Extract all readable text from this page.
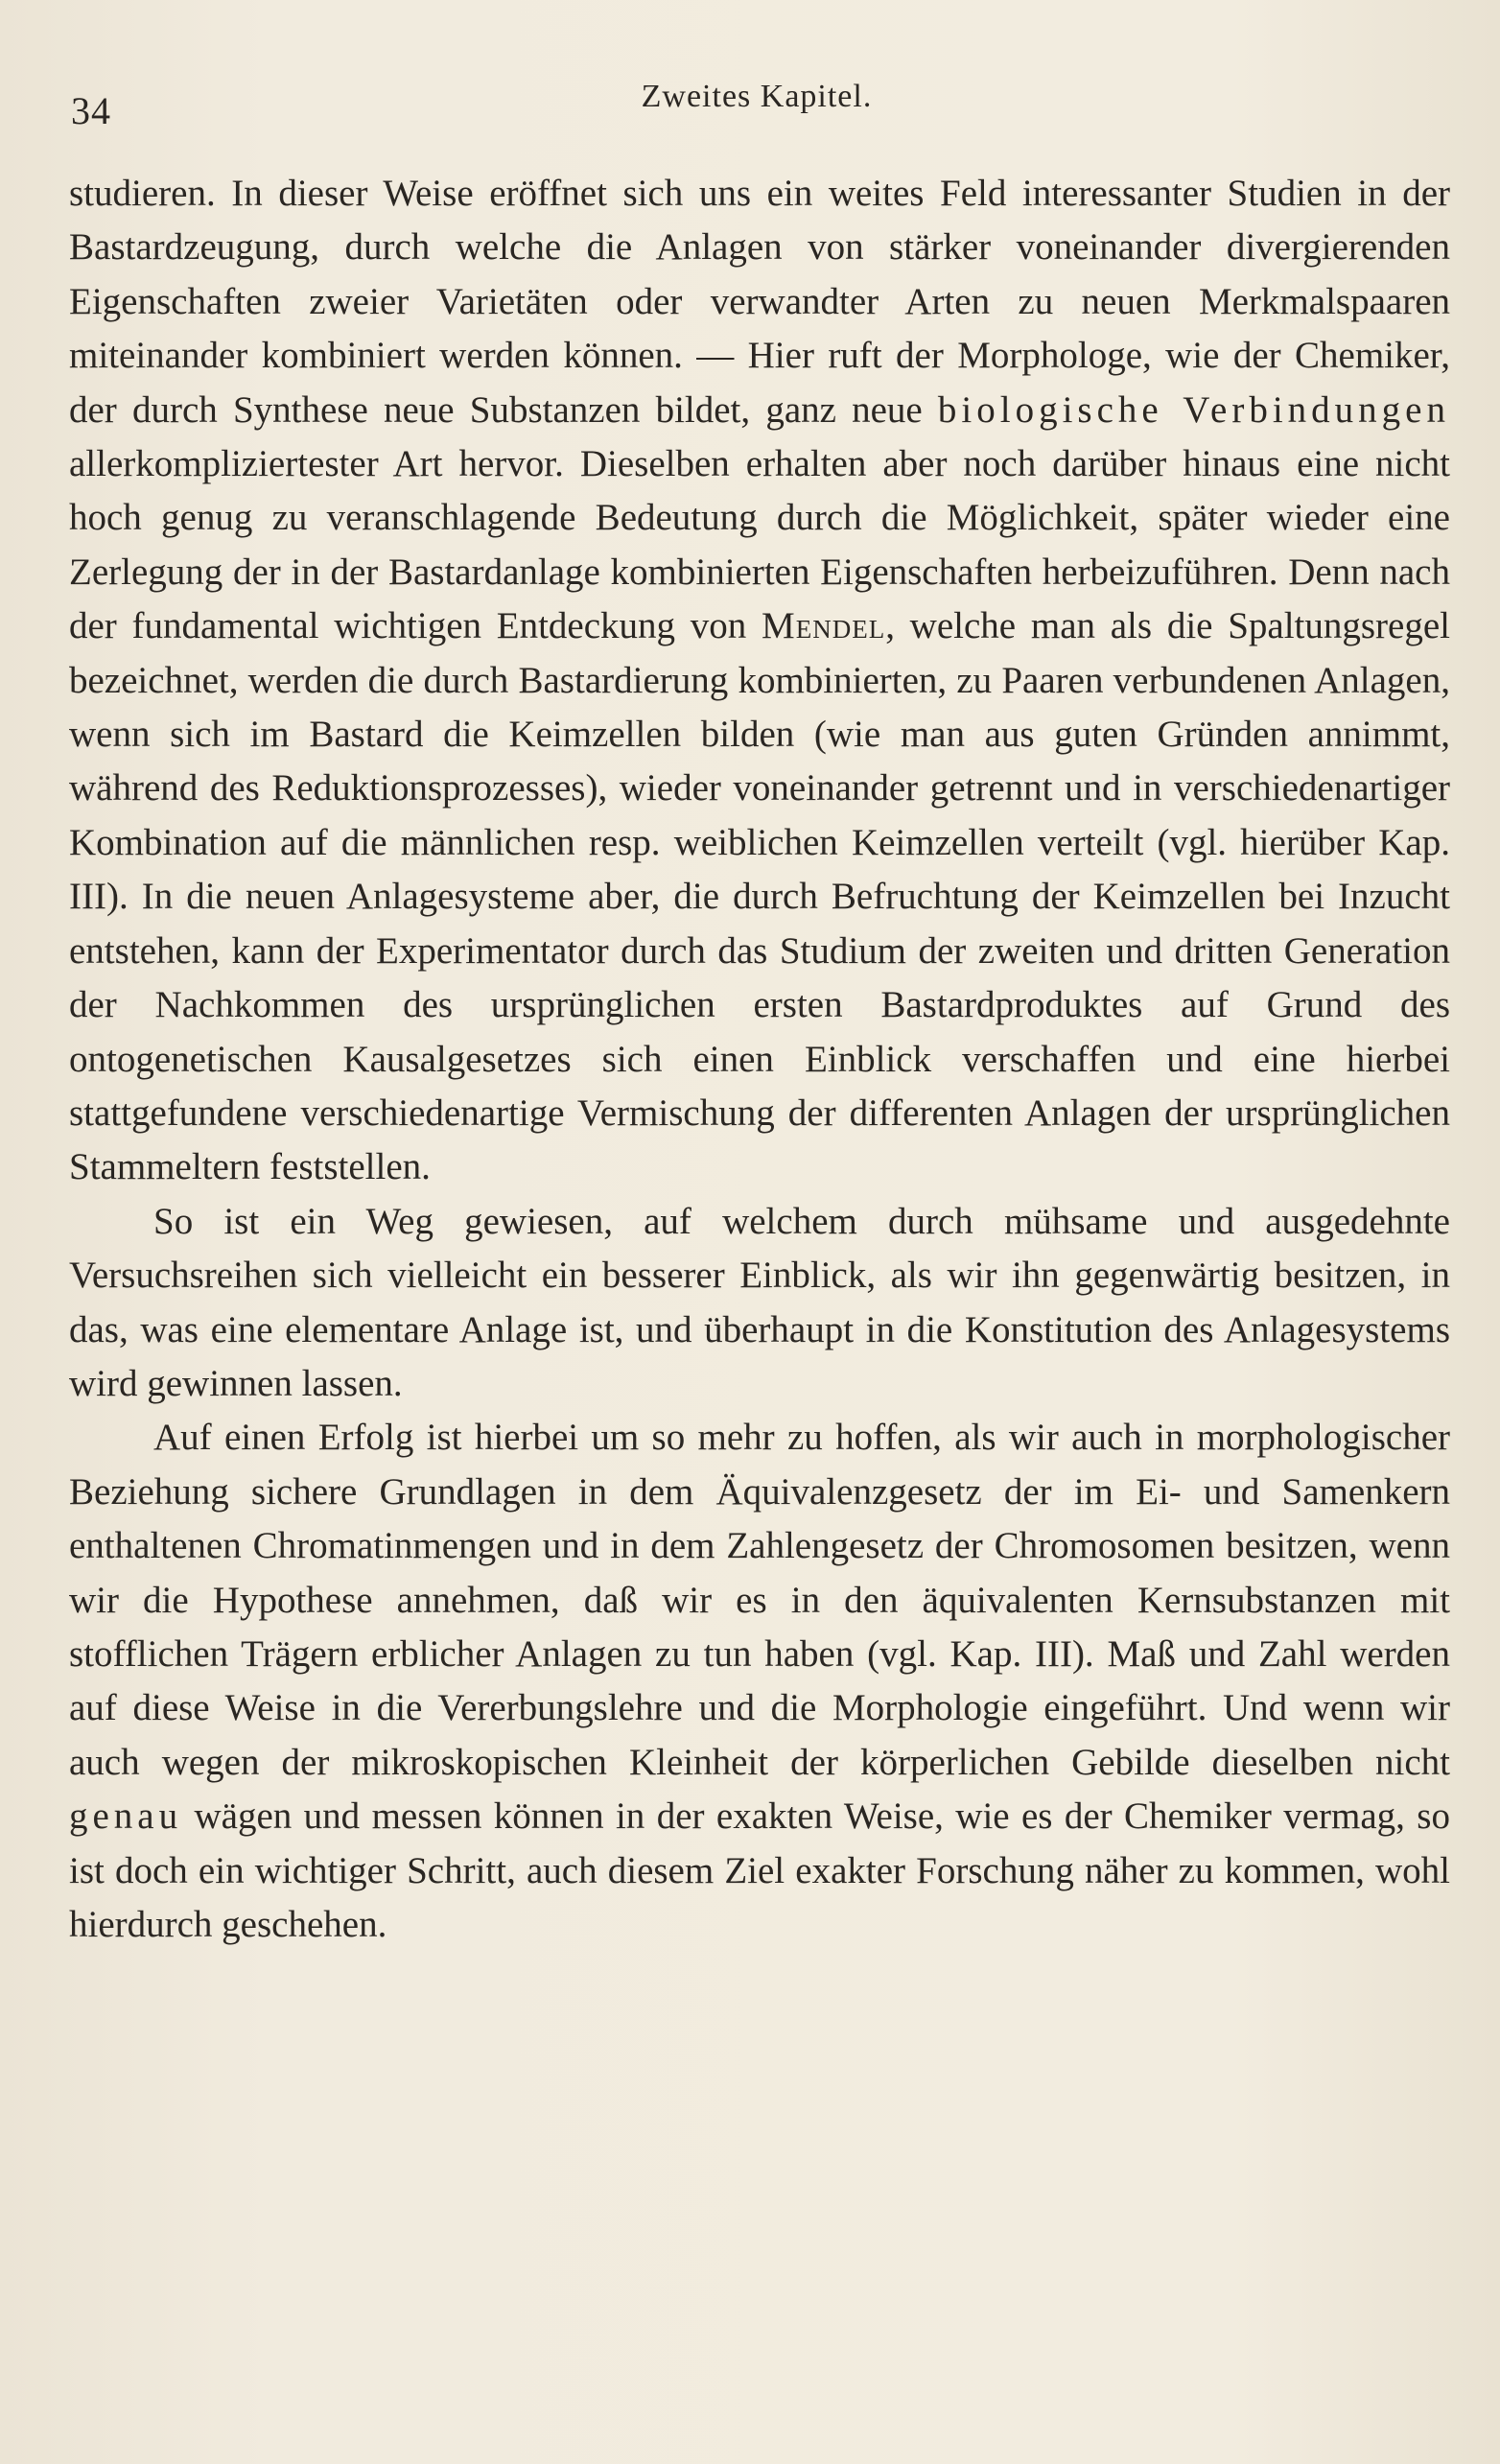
34	Zweites Kapitel.

studieren. In dieser Weise eröffnet sich uns ein weites Feld interessanter Studien in der Bastardzeugung, durch welche die Anlagen von stärker voneinander divergierenden Eigenschaften zweier Varietäten oder verwandter Arten zu neuen Merkmalspaaren miteinander kombiniert werden können. — Hier ruft der Morphologe, wie der Chemiker, der durch Synthese neue Substanzen bildet, ganz neue biologische Verbindungen allerkompliziertester Art hervor. Dieselben erhalten aber noch darüber hinaus eine nicht hoch genug zu veranschlagende Bedeutung durch die Möglichkeit, später wieder eine Zerlegung der in der Bastardanlage kombinierten Eigenschaften herbeizuführen. Denn nach der fundamental wichtigen Entdeckung von Mendel, welche man als die Spaltungsregel bezeichnet, werden die durch Bastardierung kombinierten, zu Paaren verbundenen Anlagen, wenn sich im Bastard die Keimzellen bilden (wie man aus guten Gründen annimmt, während des Reduktionsprozesses), wieder voneinander getrennt und in verschiedenartiger Kombination auf die männlichen resp. weiblichen Keimzellen verteilt (vgl. hierüber Kap. III). In die neuen Anlagesysteme aber, die durch Befruchtung der Keimzellen bei Inzucht entstehen, kann der Experimentator durch das Studium der zweiten und dritten Generation der Nachkommen des ursprünglichen ersten Bastardproduktes auf Grund des ontogenetischen Kausalgesetzes sich einen Einblick verschaffen und eine hierbei stattgefundene verschiedenartige Vermischung der differenten Anlagen der ursprünglichen Stammeltern feststellen.

So ist ein Weg gewiesen, auf welchem durch mühsame und ausgedehnte Versuchsreihen sich vielleicht ein besserer Einblick, als wir ihn gegenwärtig besitzen, in das, was eine elementare Anlage ist, und überhaupt in die Konstitution des Anlagesystems wird gewinnen lassen.

Auf einen Erfolg ist hierbei um so mehr zu hoffen, als wir auch in morphologischer Beziehung sichere Grundlagen in dem Äquivalenzgesetz der im Ei- und Samenkern enthaltenen Chromatinmengen und in dem Zahlengesetz der Chromosomen besitzen, wenn wir die Hypothese annehmen, daß wir es in den äquivalenten Kernsubstanzen mit stofflichen Trägern erblicher Anlagen zu tun haben (vgl. Kap. III). Maß und Zahl werden auf diese Weise in die Vererbungslehre und die Morphologie eingeführt. Und wenn wir auch wegen der mikroskopischen Kleinheit der körperlichen Gebilde dieselben nicht genau wägen und messen können in der exakten Weise, wie es der Chemiker vermag, so ist doch ein wichtiger Schritt, auch diesem Ziel exakter Forschung näher zu kommen, wohl hierdurch geschehen.
